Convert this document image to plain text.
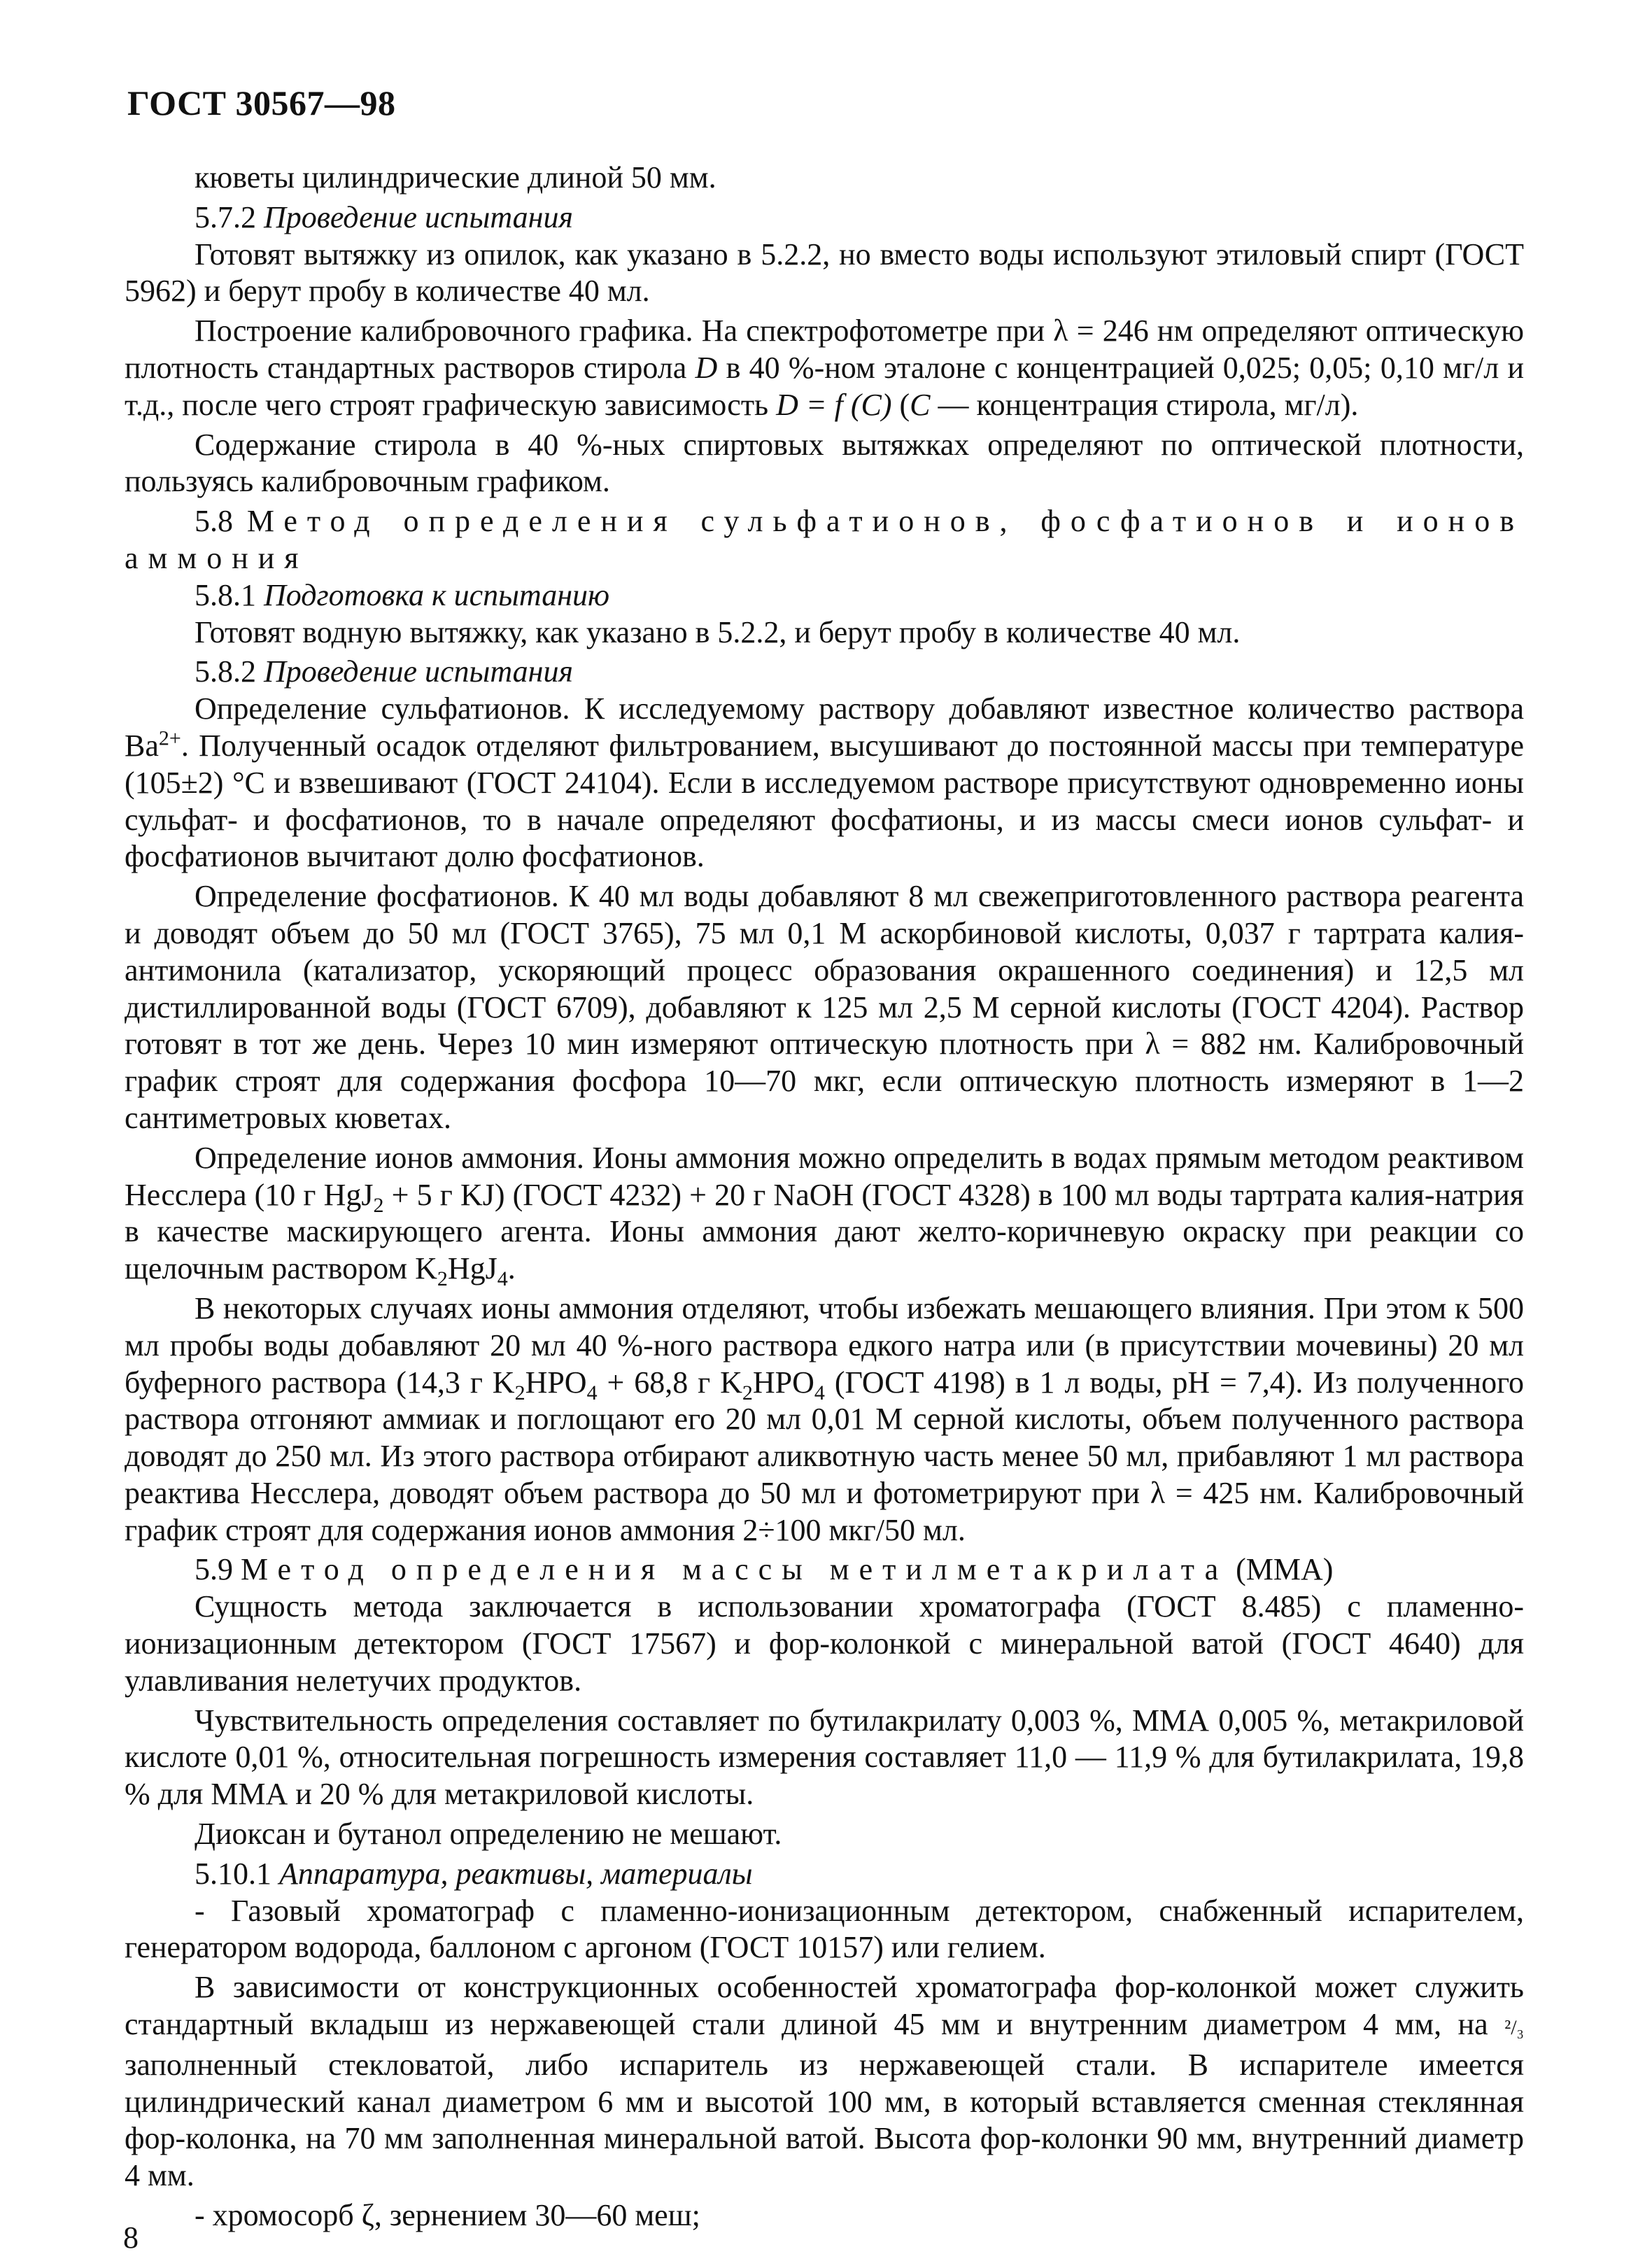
ГОСТ 30567—98

кюветы цилиндрические длиной 50 мм.

5.7.2 Проведение испытания

Готовят вытяжку из опилок, как указано в 5.2.2, но вместо воды используют этиловый спирт (ГОСТ 5962) и берут пробу в количестве 40 мл.

Построение калибровочного графика. На спектрофотометре при λ = 246 нм определяют оптическую плотность стандартных растворов стирола D в 40 %-ном эталоне с концентрацией 0,025; 0,05; 0,10 мг/л и т.д., после чего строят графическую зависимость D = f (C) (C — концентрация стирола, мг/л).

Содержание стирола в 40 %-ных спиртовых вытяжках определяют по оптической плотности, пользуясь калибровочным графиком.

5.8 Метод определения сульфатионов, фосфатионов и ионов аммония

5.8.1 Подготовка к испытанию

Готовят водную вытяжку, как указано в 5.2.2, и берут пробу в количестве 40 мл.

5.8.2 Проведение испытания

Определение сульфатионов. К исследуемому раствору добавляют известное количество раствора $Ba^{2+}$. Полученный осадок отделяют фильтрованием, высушивают до постоянной массы при температуре (105±2) °С и взвешивают (ГОСТ 24104). Если в исследуемом растворе присутствуют одновременно ионы сульфат- и фосфатионов, то в начале определяют фосфатионы, и из массы смеси ионов сульфат- и фосфатионов вычитают долю фосфатионов.

Определение фосфатионов. К 40 мл воды добавляют 8 мл свежеприготовленного раствора реагента и доводят объем до 50 мл (ГОСТ 3765), 75 мл 0,1 М аскорбиновой кислоты, 0,037 г тартрата калия-антимонила (катализатор, ускоряющий процесс образования окрашенного соединения) и 12,5 мл дистиллированной воды (ГОСТ 6709), добавляют к 125 мл 2,5 М серной кислоты (ГОСТ 4204). Раствор готовят в тот же день. Через 10 мин измеряют оптическую плотность при λ = 882 нм. Калибровочный график строят для содержания фосфора 10—70 мкг, если оптическую плотность измеряют в 1—2 сантиметровых кюветах.

Определение ионов аммония. Ионы аммония можно определить в водах прямым методом реактивом Несслера (10 г HgJ$_2$ + 5 г KJ) (ГОСТ 4232) + 20 г NaOH (ГОСТ 4328) в 100 мл воды тартрата калия-натрия в качестве маскирующего агента. Ионы аммония дают желто-коричневую окраску при реакции со щелочным раствором $K_2HgJ_4$.

В некоторых случаях ионы аммония отделяют, чтобы избежать мешающего влияния. При этом к 500 мл пробы воды добавляют 20 мл 40 %-ного раствора едкого натра или (в присутствии мочевины) 20 мл буферного раствора (14,3 г $K_2HPO_4 + 68,8$ г $K_2HPO_4$ (ГОСТ 4198) в 1 л воды, pH = 7,4). Из полученного раствора отгоняют аммиак и поглощают его 20 мл 0,01 М серной кислоты, объем полученного раствора доводят до 250 мл. Из этого раствора отбирают аликвотную часть менее 50 мл, прибавляют 1 мл раствора реактива Несслера, доводят объем раствора до 50 мл и фотометрируют при λ = 425 нм. Калибровочный график строят для содержания ионов аммония 2÷100 мкг/50 мл.

5.9 Метод определения массы метилметакрилата (ММА)

Сущность метода заключается в использовании хроматографа (ГОСТ 8.485) с пламенно-ионизационным детектором (ГОСТ 17567) и фор-колонкой с минеральной ватой (ГОСТ 4640) для улавливания нелетучих продуктов.

Чувствительность определения составляет по бутилакрилату 0,003 %, ММА 0,005 %, метакриловой кислоте 0,01 %, относительная погрешность измерения составляет 11,0 — 11,9 % для бутилакрилата, 19,8 % для ММА и 20 % для метакриловой кислоты.

Диоксан и бутанол определению не мешают.

5.10.1 Аппаратура, реактивы, материалы

- Газовый хроматограф с пламенно-ионизационным детектором, снабженный испарителем, генератором водорода, баллоном с аргоном (ГОСТ 10157) или гелием.

В зависимости от конструкционных особенностей хроматографа фор-колонкой может служить стандартный вкладыш из нержавеющей стали длиной 45 мм и внутренним диаметром 4 мм, на ²/₃ заполненный стекловатой, либо испаритель из нержавеющей стали. В испарителе имеется цилиндрический канал диаметром 6 мм и высотой 100 мм, в который вставляется сменная стеклянная фор-колонка, на 70 мм заполненная минеральной ватой. Высота фор-колонки 90 мм, внутренний диаметр 4 мм.

- хромосорб ζ, зернением 30—60 меш;

8
